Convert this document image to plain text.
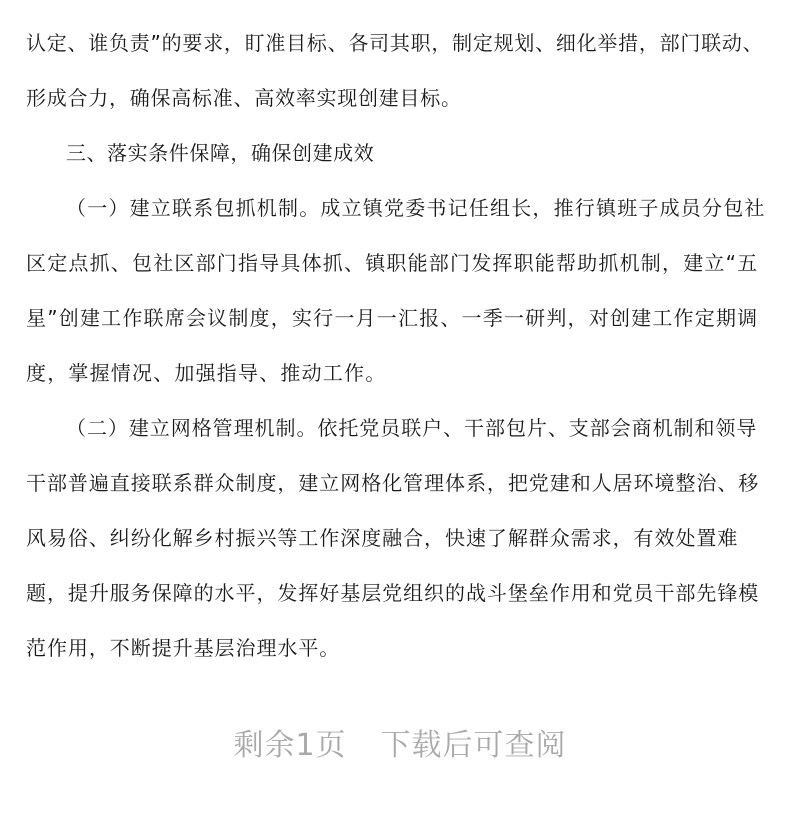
认定、谁负责”的要求，盯准目标、各司其职，制定规划、细化举措，部门联动、形成合力，确保高标准、高效率实现创建目标。

三、落实条件保障，确保创建成效

（一）建立联系包抓机制。成立镇党委书记任组长，推行镇班子成员分包社区定点抓、包社区部门指导具体抓、镇职能部门发挥职能帮助抓机制，建立“五星”创建工作联席会议制度，实行一月一汇报、一季一研判，对创建工作定期调度，掌握情况、加强指导、推动工作。

（二）建立网格管理机制。依托党员联户、干部包片、支部会商机制和领导干部普遍直接联系群众制度，建立网格化管理体系，把党建和人居环境整治、移风易俗、纠纷化解乡村振兴等工作深度融合，快速了解群众需求，有效处置难题，提升服务保障的水平，发挥好基层党组织的战斗堡垒作用和党员干部先锋模范作用，不断提升基层治理水平。

剩余1页 下载后可查阅
